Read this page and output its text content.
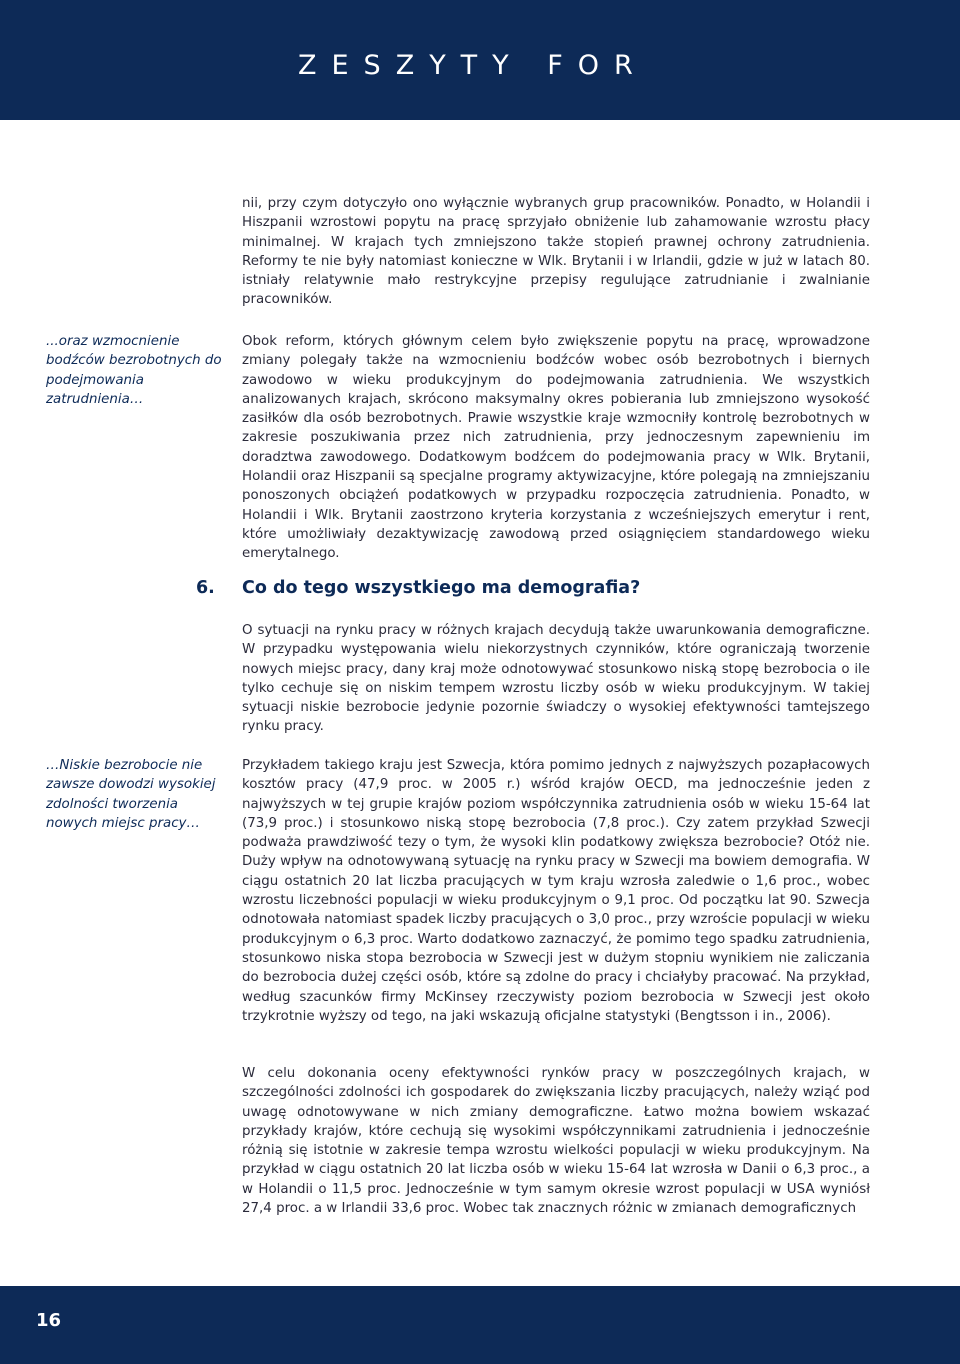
ZESZYTY FOR

nii, przy czym dotyczyło ono wyłącznie wybranych grup pracowników. Ponadto, w Holandii i Hiszpanii wzrostowi popytu na pracę sprzyjało obniżenie lub zahamowanie wzrostu płacy minimalnej. W krajach tych zmniejszono także stopień prawnej ochrony zatrudnienia. Reformy te nie były natomiast konieczne w Wlk. Brytanii i w Irlandii, gdzie w już w latach 80. istniały relatywnie mało restrykcyjne przepisy regulujące zatrudnianie i zwalnianie pracowników.

...oraz wzmocnienie bodźców bezrobotnych do podejmowania zatrudnienia…

Obok reform, których głównym celem było zwiększenie popytu na pracę, wprowadzone zmiany polegały także na wzmocnieniu bodźców wobec osób bezrobotnych i biernych zawodowo w wieku produkcyjnym do podejmowania zatrudnienia. We wszystkich analizowanych krajach, skrócono maksymalny okres pobierania lub zmniejszono wysokość zasiłków dla osób bezrobotnych. Prawie wszystkie kraje wzmocniły kontrolę bezrobotnych w zakresie poszukiwania przez nich zatrudnienia, przy jednoczesnym zapewnieniu im doradztwa zawodowego. Dodatkowym bodźcem do podejmowania pracy w Wlk. Brytanii, Holandii oraz Hiszpanii są specjalne programy aktywizacyjne, które polegają na zmniejszaniu ponoszonych obciążeń podatkowych w przypadku rozpoczęcia zatrudnienia. Ponadto, w Holandii i Wlk. Brytanii zaostrzono kryteria korzystania z wcześniejszych emerytur i rent, które umożliwiały dezaktywizację zawodową przed osiągnięciem standardowego wieku emerytalnego.

6. Co do tego wszystkiego ma demografia?

O sytuacji na rynku pracy w różnych krajach decydują także uwarunkowania demograficzne. W przypadku występowania wielu niekorzystnych czynników, które ograniczają tworzenie nowych miejsc pracy, dany kraj może odnotowywać stosunkowo niską stopę bezrobocia o ile tylko cechuje się on niskim tempem wzrostu liczby osób w wieku produkcyjnym. W takiej sytuacji niskie bezrobocie jedynie pozornie świadczy o wysokiej efektywności tamtejszego rynku pracy.

…Niskie bezrobocie nie zawsze dowodzi wysokiej zdolności tworzenia nowych miejsc pracy…

Przykładem takiego kraju jest Szwecja, która pomimo jednych z najwyższych pozapłacowych kosztów pracy (47,9 proc. w 2005 r.) wśród krajów OECD, ma jednocześnie jeden z najwyższych w tej grupie krajów poziom współczynnika zatrudnienia osób w wieku 15-64 lat (73,9 proc.) i stosunkowo niską stopę bezrobocia (7,8 proc.). Czy zatem przykład Szwecji podważa prawdziwość tezy o tym, że wysoki klin podatkowy zwiększa bezrobocie? Otóż nie. Duży wpływ na odnotowywaną sytuację na rynku pracy w Szwecji ma bowiem demografia. W ciągu ostatnich 20 lat liczba pracujących w tym kraju wzrosła zaledwie o 1,6 proc., wobec wzrostu liczebności populacji w wieku produkcyjnym o 9,1 proc. Od początku lat 90. Szwecja odnotowała natomiast spadek liczby pracujących o 3,0 proc., przy wzroście populacji w wieku produkcyjnym o 6,3 proc. Warto dodatkowo zaznaczyć, że pomimo tego spadku zatrudnienia, stosunkowo niska stopa bezrobocia w Szwecji jest w dużym stopniu wynikiem nie zaliczania do bezrobocia dużej części osób, które są zdolne do pracy i chciałyby pracować. Na przykład, według szacunków firmy McKinsey rzeczywisty poziom bezrobocia w Szwecji jest około trzykrotnie wyższy od tego, na jaki wskazują oficjalne statystyki (Bengtsson i in., 2006).

W celu dokonania oceny efektywności rynków pracy w poszczególnych krajach, w szczególności zdolności ich gospodarek do zwiększania liczby pracujących, należy wziąć pod uwagę odnotowywane w nich zmiany demograficzne. Łatwo można bowiem wskazać przykłady krajów, które cechują się wysokimi współczynnikami zatrudnienia i jednocześnie różnią się istotnie w zakresie tempa wzrostu wielkości populacji w wieku produkcyjnym. Na przykład w ciągu ostatnich 20 lat liczba osób w wieku 15-64 lat wzrosła w Danii o 6,3 proc., a w Holandii o 11,5 proc. Jednocześnie w tym samym okresie wzrost populacji w USA wyniósł 27,4 proc. a w Irlandii 33,6 proc. Wobec tak znacznych różnic w zmianach demograficznych

16
